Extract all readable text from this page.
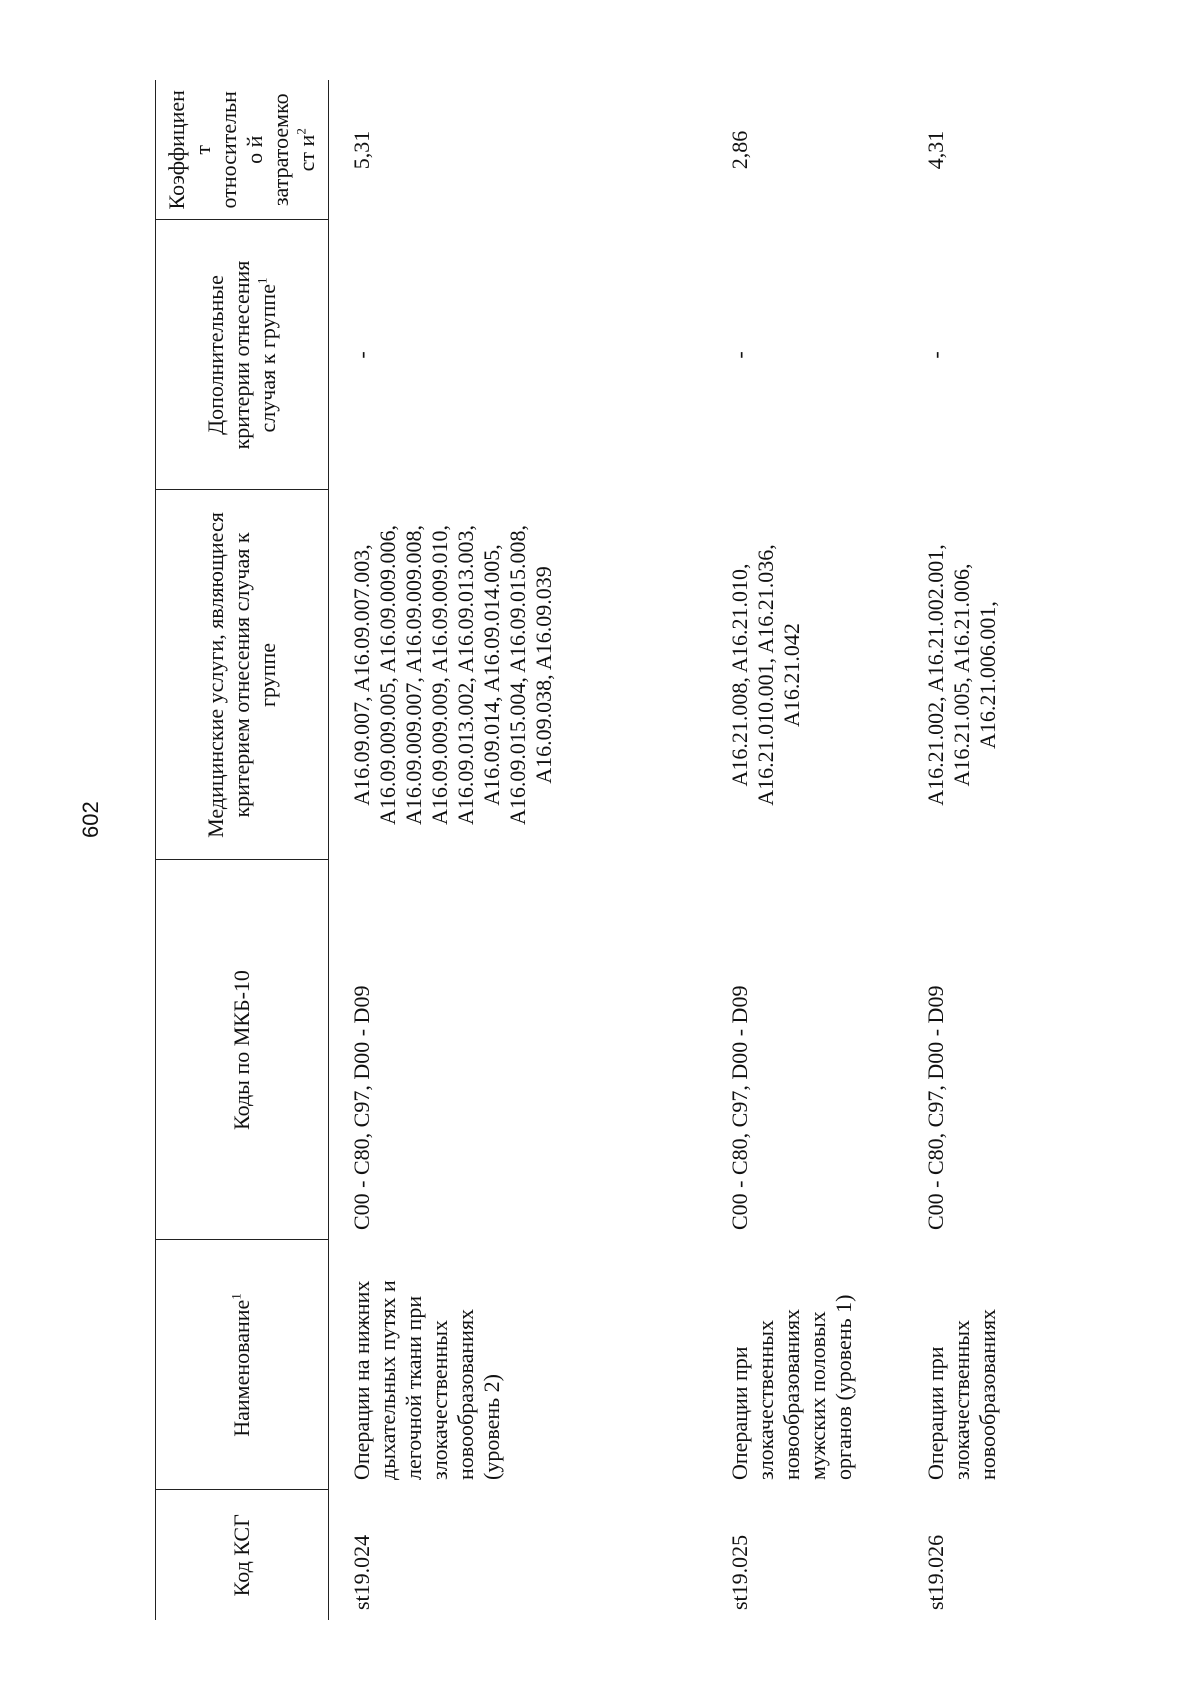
602
Код КСГ	Наименование$^1$	Коды по МКБ-10	Медицинские услуги, являющиеся критерием отнесения случая к группе	Дополнительные критерии отнесения случая к группе$^1$	Коэффициент относительно й затратоемкост $и^2$
st19.024	Операции на нижних дыхательных путях и легочной ткани при злокачественных новообразованиях (уровень 2)	C00 - C80, C97, D00 - D09	A16.09.007, A16.09.007.003, A16.09.009.005, A16.09.009.006, A16.09.009.007, A16.09.009.008, A16.09.009.009, A16.09.009.010, A16.09.013.002, A16.09.013.003, A16.09.014, A16.09.014.005, A16.09.015.004, A16.09.015.008, A16.09.038, A16.09.039	-	5,31
st19.025	Операции при злокачественных новообразованиях мужских половых органов (уровень 1)	C00 - C80, C97, D00 - D09	A16.21.008, A16.21.010, A16.21.010.001, A16.21.036, A16.21.042	-	2,86
st19.026	Операции при злокачественных новообразованиях	C00 - C80, C97, D00 - D09	A16.21.002, A16.21.002.001, A16.21.005, A16.21.006, A16.21.006.001,	-	4,31
